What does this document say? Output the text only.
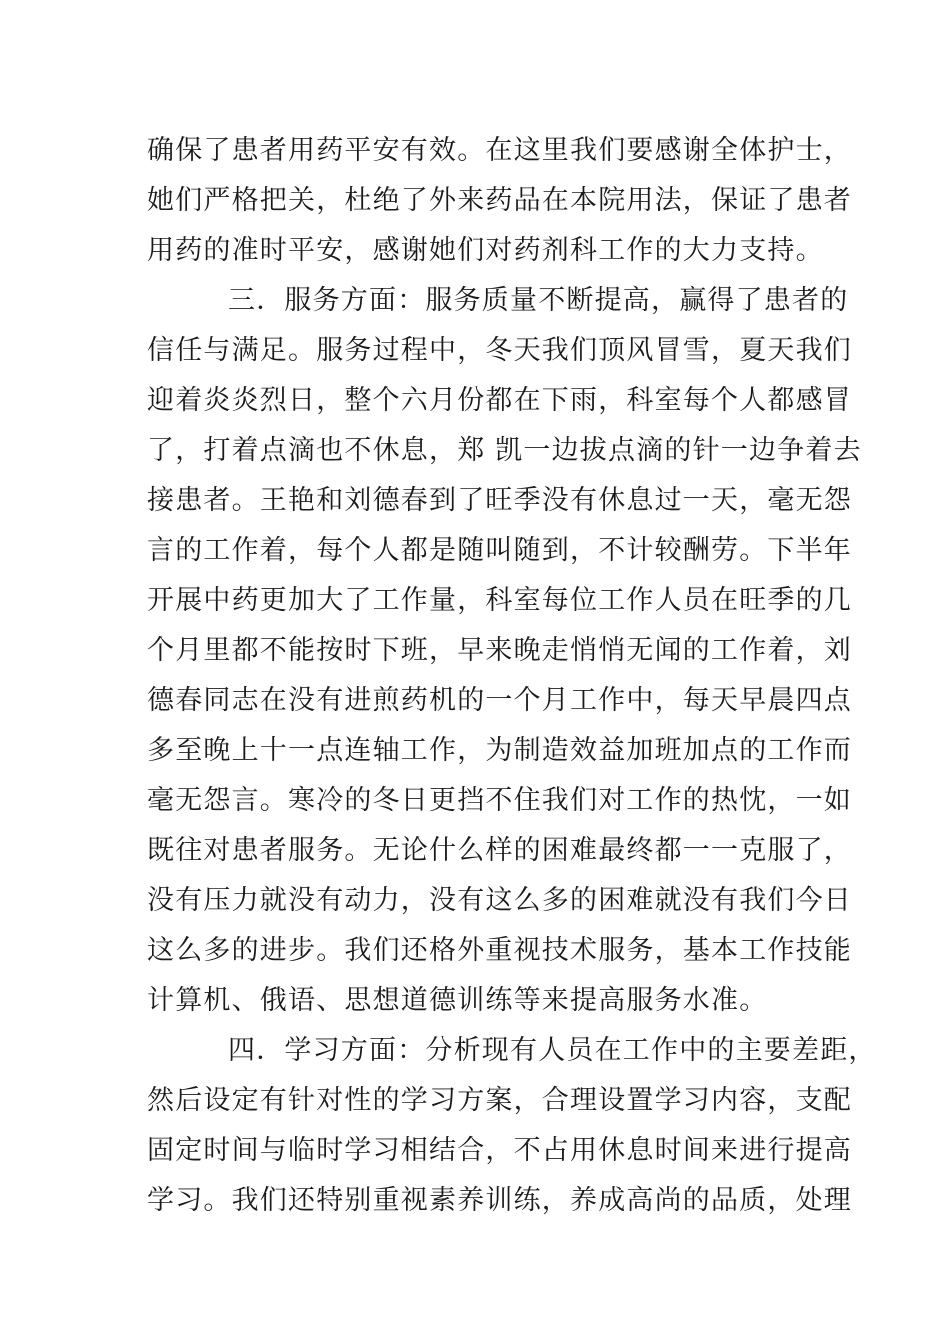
确保了患者用药平安有效。在这里我们要感谢全体护士，
她们严格把关，杜绝了外来药品在本院用法，保证了患者
用药的准时平安，感谢她们对药剂科工作的大力支持。
三．服务方面：服务质量不断提高，赢得了患者的
信任与满足。服务过程中，冬天我们顶风冒雪，夏天我们
迎着炎炎烈日，整个六月份都在下雨，科室每个人都感冒
了，打着点滴也不休息，郑 凯一边拔点滴的针一边争着去
接患者。王艳和刘德春到了旺季没有休息过一天，毫无怨
言的工作着，每个人都是随叫随到，不计较酬劳。下半年
开展中药更加大了工作量，科室每位工作人员在旺季的几
个月里都不能按时下班，早来晚走悄悄无闻的工作着，刘
德春同志在没有进煎药机的一个月工作中，每天早晨四点
多至晚上十一点连轴工作，为制造效益加班加点的工作而
毫无怨言。寒冷的冬日更挡不住我们对工作的热忱，一如
既往对患者服务。无论什么样的困难最终都一一克服了，
没有压力就没有动力，没有这么多的困难就没有我们今日
这么多的进步。我们还格外重视技术服务，基本工作技能
计算机、俄语、思想道德训练等来提高服务水准。
四．学习方面：分析现有人员在工作中的主要差距，
然后设定有针对性的学习方案，合理设置学习内容，支配
固定时间与临时学习相结合，不占用休息时间来进行提高
学习。我们还特别重视素养训练，养成高尚的品质，处理
